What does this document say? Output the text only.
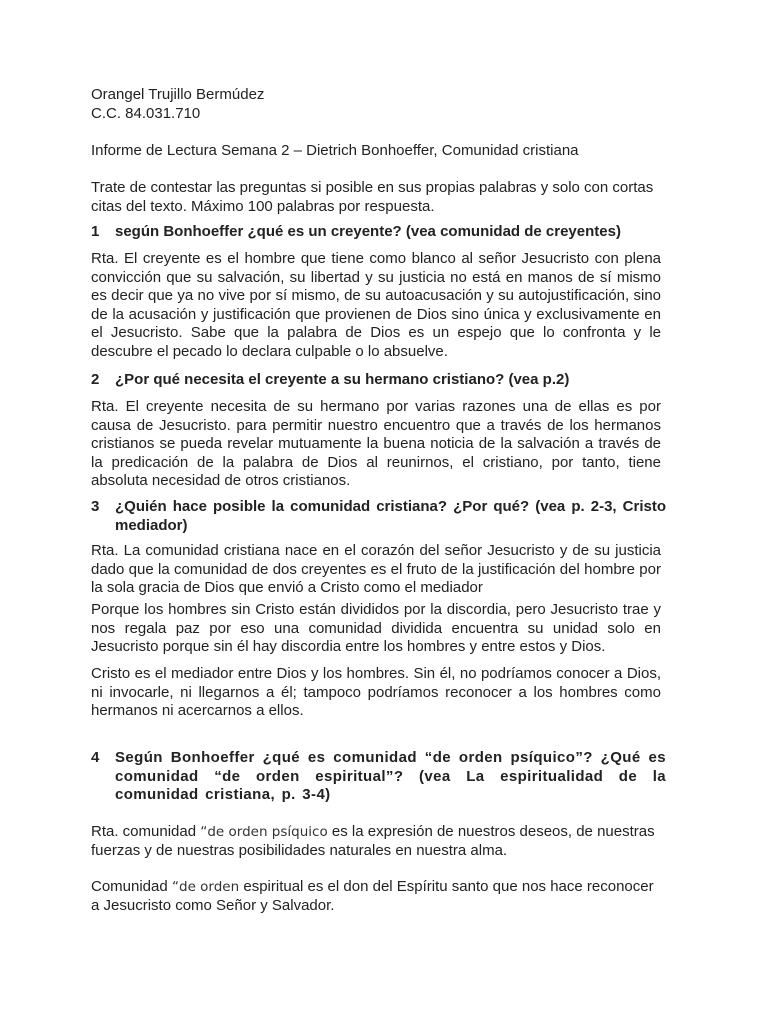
Orangel Trujillo Bermúdez
C.C. 84.031.710
Informe de Lectura Semana 2 – Dietrich Bonhoeffer, Comunidad cristiana
Trate de contestar las preguntas si posible en sus propias palabras y solo con cortas citas del texto. Máximo 100 palabras por respuesta.
1	según Bonhoeffer ¿qué es un creyente? (vea comunidad de creyentes)
Rta. El creyente es el hombre que tiene como blanco al señor Jesucristo con plena convicción que su salvación, su libertad y su justicia no está en manos de sí mismo es decir que ya no vive por sí mismo, de su autoacusación y su autojustificación, sino de la acusación y justificación que provienen de Dios sino única y exclusivamente en el Jesucristo. Sabe que la palabra de Dios es un espejo que lo confronta y le descubre el pecado lo declara culpable o lo absuelve.
2	¿Por qué necesita el creyente a su hermano cristiano? (vea p.2)
Rta. El creyente necesita de su hermano por varias razones una de ellas es por causa de Jesucristo. para permitir nuestro encuentro que a través de los hermanos cristianos se pueda revelar mutuamente la buena noticia de la salvación a través de la predicación de la palabra de Dios al reunirnos, el cristiano, por tanto, tiene absoluta necesidad de otros cristianos.
3	¿Quién hace posible la comunidad cristiana? ¿Por qué? (vea p. 2-3, Cristo mediador)
Rta. La comunidad cristiana nace en el corazón del señor Jesucristo y de su justicia dado que la comunidad de dos creyentes es el fruto de la justificación del hombre por la sola gracia de Dios que envió a Cristo como el mediador
Porque los hombres sin Cristo están divididos por la discordia, pero Jesucristo trae y nos regala paz por eso una comunidad dividida encuentra su unidad solo en Jesucristo porque sin él hay discordia entre los hombres y entre estos y Dios.
Cristo es el mediador entre Dios y los hombres. Sin él, no podríamos conocer a Dios, ni invocarle, ni llegarnos a él; tampoco podríamos reconocer a los hombres como hermanos ni acercarnos a ellos.
4	Según Bonhoeffer ¿qué es comunidad “de orden psíquico”? ¿Qué es comunidad “de orden espiritual”? (vea La espiritualidad de la comunidad cristiana, p. 3-4)
Rta. comunidad “de orden psíquico es la expresión de nuestros deseos, de nuestras fuerzas y de nuestras posibilidades naturales en nuestra alma.
Comunidad “de orden espiritual es el don del Espíritu santo que nos hace reconocer a Jesucristo como Señor y Salvador.
